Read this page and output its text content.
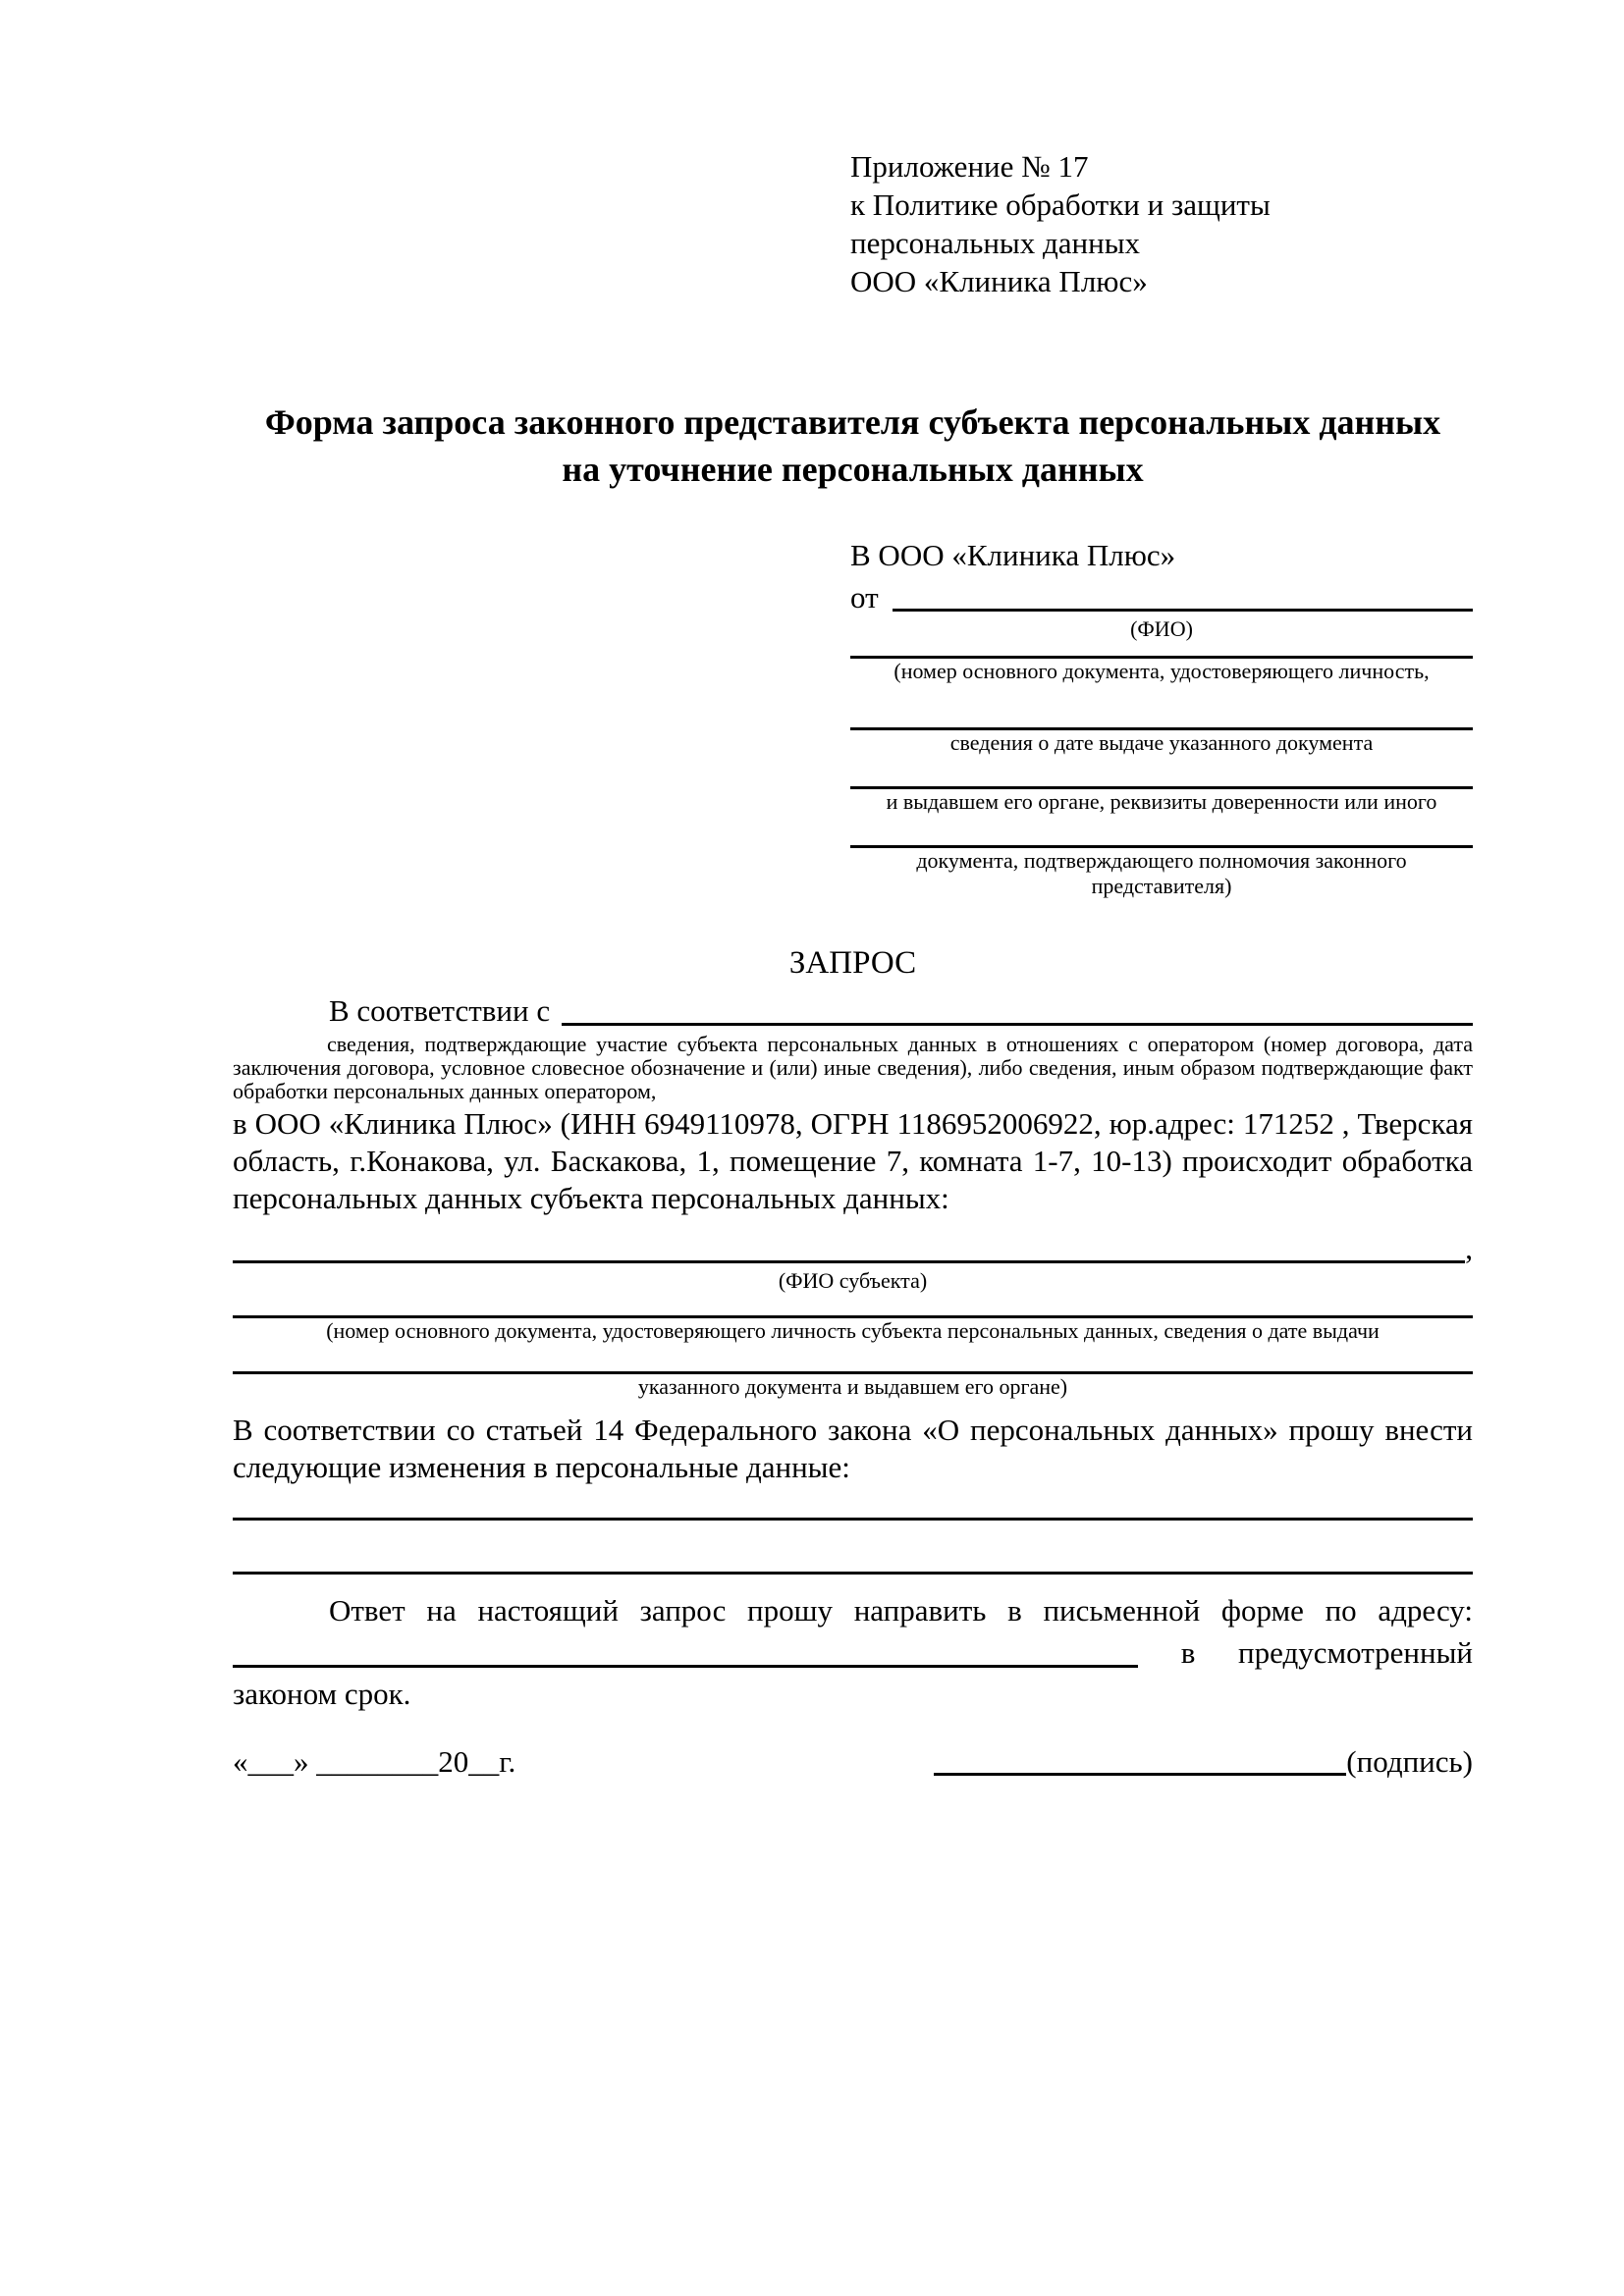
Приложение № 17
к Политике обработки и защиты
персональных данных
ООО «Клиника Плюс»
Форма запроса законного представителя субъекта персональных данных
на уточнение персональных данных
В ООО «Клиника Плюс»
от
(ФИО)
(номер основного документа, удостоверяющего личность,
сведения о дате выдаче указанного документа
и выдавшем его органе, реквизиты доверенности или иного
документа, подтверждающего полномочия законного представителя)
ЗАПРОС
В соответствии с
сведения, подтверждающие участие субъекта персональных данных в отношениях с оператором (номер договора, дата заключения договора, условное словесное обозначение и (или) иные сведения), либо сведения, иным образом подтверждающие факт обработки персональных данных оператором,
в ООО «Клиника Плюс» (ИНН 6949110978, ОГРН 1186952006922, юр.адрес: 171252 , Тверская область, г.Конакова, ул. Баскакова, 1, помещение 7, комната 1-7, 10-13) происходит обработка персональных данных субъекта персональных данных:
,
(ФИО субъекта)
(номер основного документа, удостоверяющего личность субъекта персональных данных, сведения о дате выдачи
указанного документа и выдавшем его органе)
В соответствии со статьей 14 Федерального закона «О персональных данных» прошу внести следующие изменения в персональные данные:
Ответ на настоящий запрос прошу направить в письменной форме по адресу:
в предусмотренный
законом срок.
«___» ________20__г.	(подпись)
